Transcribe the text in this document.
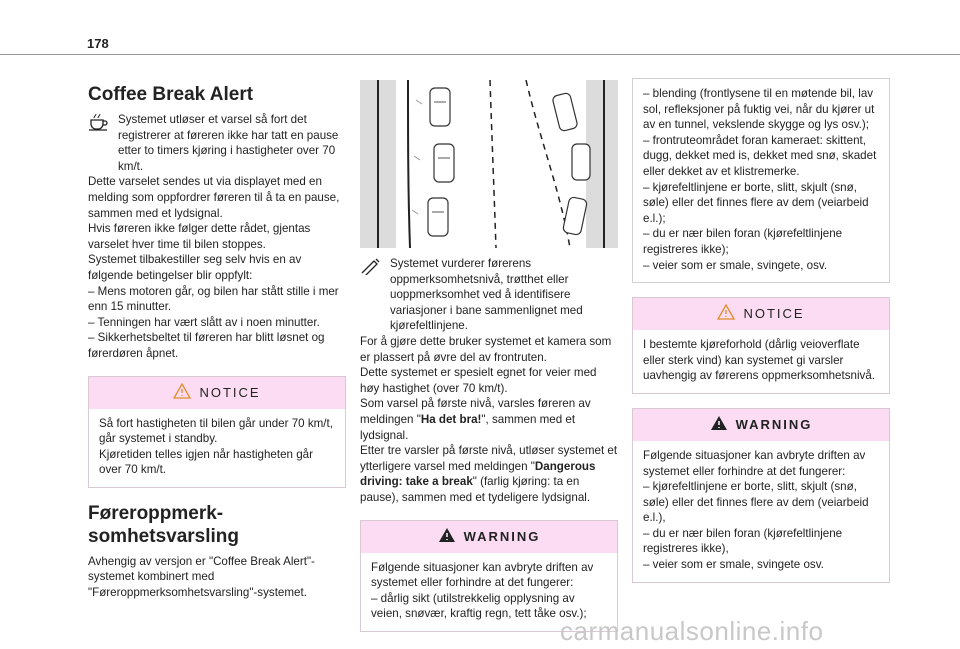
178
Coffee Break Alert

Systemet utløser et varsel så fort det registrerer at føreren ikke har tatt en pause etter to timers kjøring i hastigheter over 70 km/t.

Dette varselet sendes ut via displayet med en melding som oppfordrer føreren til å ta en pause, sammen med et lydsignal.

Hvis føreren ikke følger dette rådet, gjentas varselet hver time til bilen stoppes.

Systemet tilbakestiller seg selv hvis en av følgende betingelser blir oppfylt:

– Mens motoren går, og bilen har stått stille i mer enn 15 minutter.

– Tenningen har vært slått av i noen minutter.

– Sikkerhetsbeltet til føreren har blitt løsnet og førerdøren åpnet.

NOTICE

Så fort hastigheten til bilen går under 70 km/t, går systemet i standby.

Kjøretiden telles igjen når hastigheten går over 70 km/t.

Føreroppmerk-
somhetsvarsling

Avhengig av versjon er "Coffee Break Alert"-systemet kombinert med "Føreroppmerksomhetsvarsling"-systemet.

Systemet vurderer førerens oppmerksomhetsnivå, trøtthet eller uoppmerksomhet ved å identifisere variasjoner i bane sammenlignet med kjørefeltlinjene.

For å gjøre dette bruker systemet et kamera som er plassert på øvre del av frontruten.

Dette systemet er spesielt egnet for veier med høy hastighet (over 70 km/t).

Som varsel på første nivå, varsles føreren av meldingen "Ha det bra!", sammen med et lydsignal.

Etter tre varsler på første nivå, utløser systemet et ytterligere varsel med meldingen "Dangerous driving: take a break" (farlig kjøring: ta en pause), sammen med et tydeligere lydsignal.

WARNING

Følgende situasjoner kan avbryte driften av systemet eller forhindre at det fungerer:

– dårlig sikt (utilstrekkelig opplysning av veien, snøvær, kraftig regn, tett tåke osv.);

– blending (frontlysene til en møtende bil, lav sol, refleksjoner på fuktig vei, når du kjører ut av en tunnel, vekslende skygge og lys osv.);

– frontruteområdet foran kameraet: skittent, dugg, dekket med is, dekket med snø, skadet eller dekket av et klistremerke.

– kjørefeltlinjene er borte, slitt, skjult (snø, søle) eller det finnes flere av dem (veiarbeid e.l.);

– du er nær bilen foran (kjørefeltlinjene registreres ikke);

– veier som er smale, svingete, osv.

NOTICE

I bestemte kjøreforhold (dårlig veioverflate eller sterk vind) kan systemet gi varsler uavhengig av førerens oppmerksomhetsnivå.

WARNING

Følgende situasjoner kan avbryte driften av systemet eller forhindre at det fungerer:

– kjørefeltlinjene er borte, slitt, skjult (snø, søle) eller det finnes flere av dem (veiarbeid e.l.),

– du er nær bilen foran (kjørefeltlinjene registreres ikke),

– veier som er smale, svingete osv.

carmanualsonline.info
